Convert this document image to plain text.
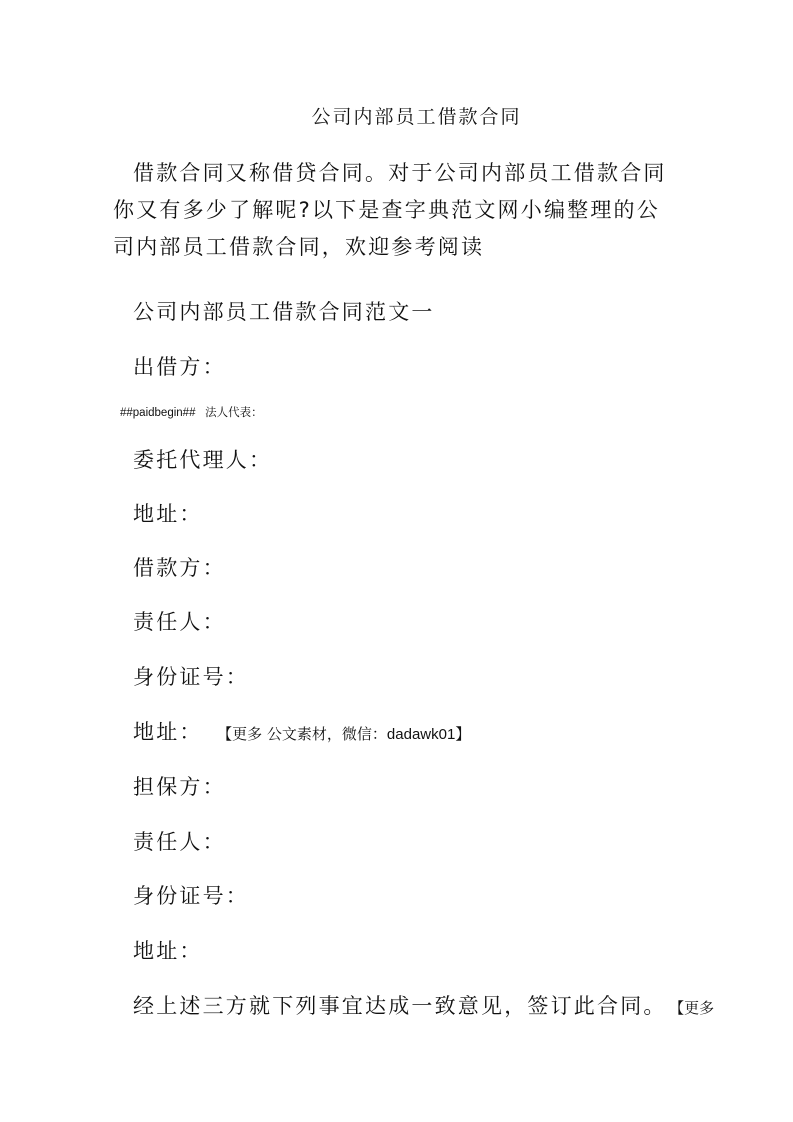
公司内部员工借款合同
借款合同又称借贷合同。对于公司内部员工借款合同你又有多少了解呢?以下是查字典范文网小编整理的公司内部员工借款合同，欢迎参考阅读
公司内部员工借款合同范文一
出借方：
##paidbegin## 法人代表：
委托代理人：
地址：
借款方：
责任人：
身份证号：
地址： 【更多 公文素材，微信：dadawk01】
担保方：
责任人：
身份证号：
地址：
经上述三方就下列事宜达成一致意见，签订此合同。 【更多
